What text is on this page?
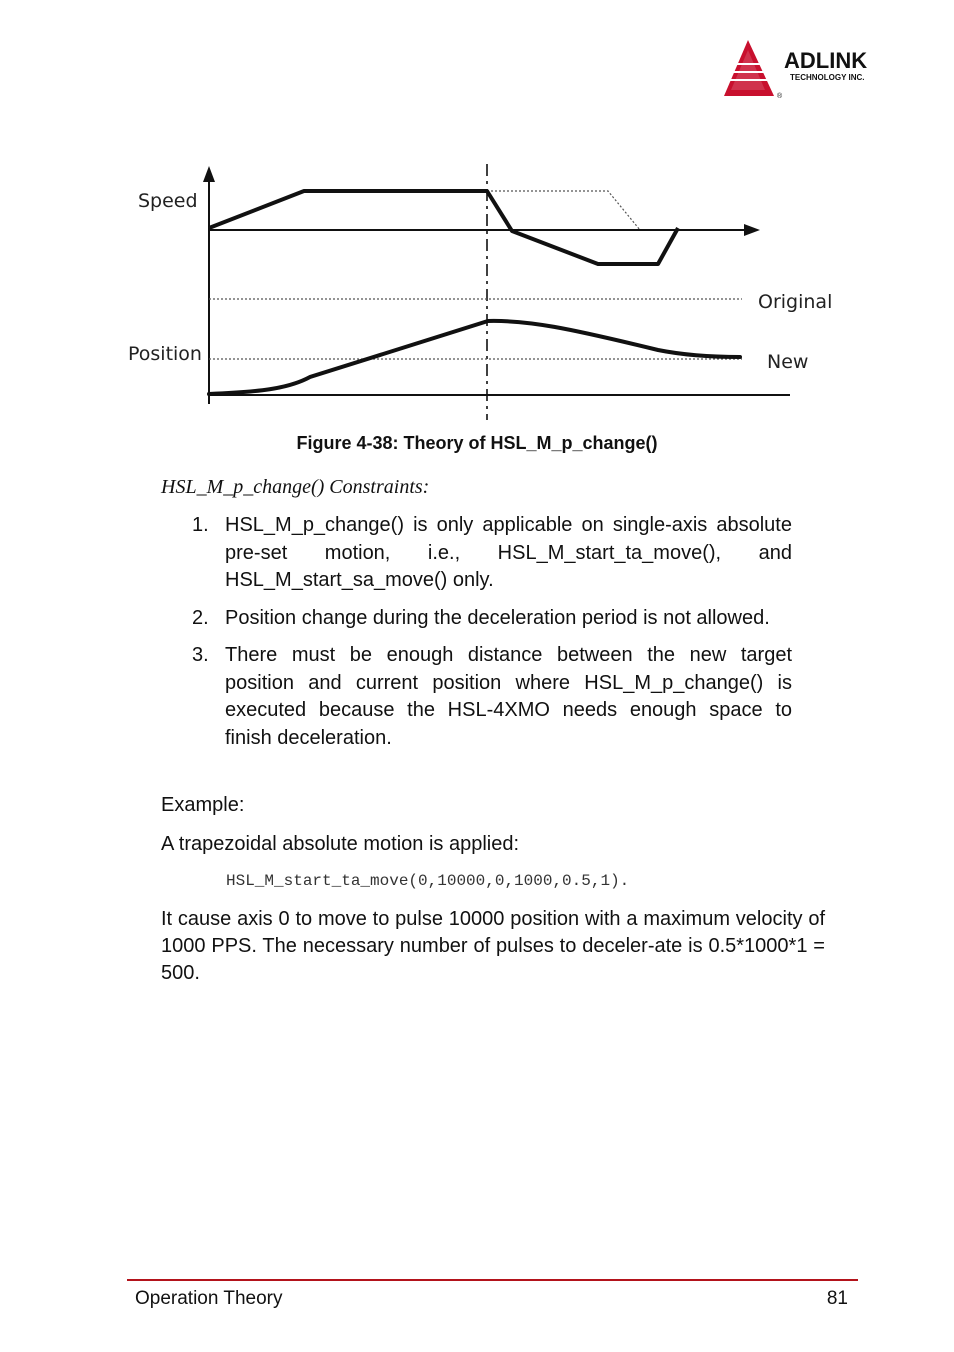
ADLINK
TECHNOLOGY INC.
®
Speed
Position
Original
New
Figure 4-38: Theory of HSL_M_p_change()
HSL_M_p_change() Constraints:
1. HSL_M_p_change() is only applicable on single-axis absolute pre-set motion, i.e., HSL_M_start_ta_move(), and HSL_M_start_sa_move() only.
2. Position change during the deceleration period is not allowed.
3. There must be enough distance between the new target position and current position where HSL_M_p_change() is executed because the HSL-4XMO needs enough space to finish deceleration.
Example:
A trapezoidal absolute motion is applied:
HSL_M_start_ta_move(0,10000,0,1000,0.5,1).
It cause axis 0 to move to pulse 10000 position with a maximum velocity of 1000 PPS. The necessary number of pulses to deceler-ate is 0.5*1000*1 = 500.
Operation Theory	81
